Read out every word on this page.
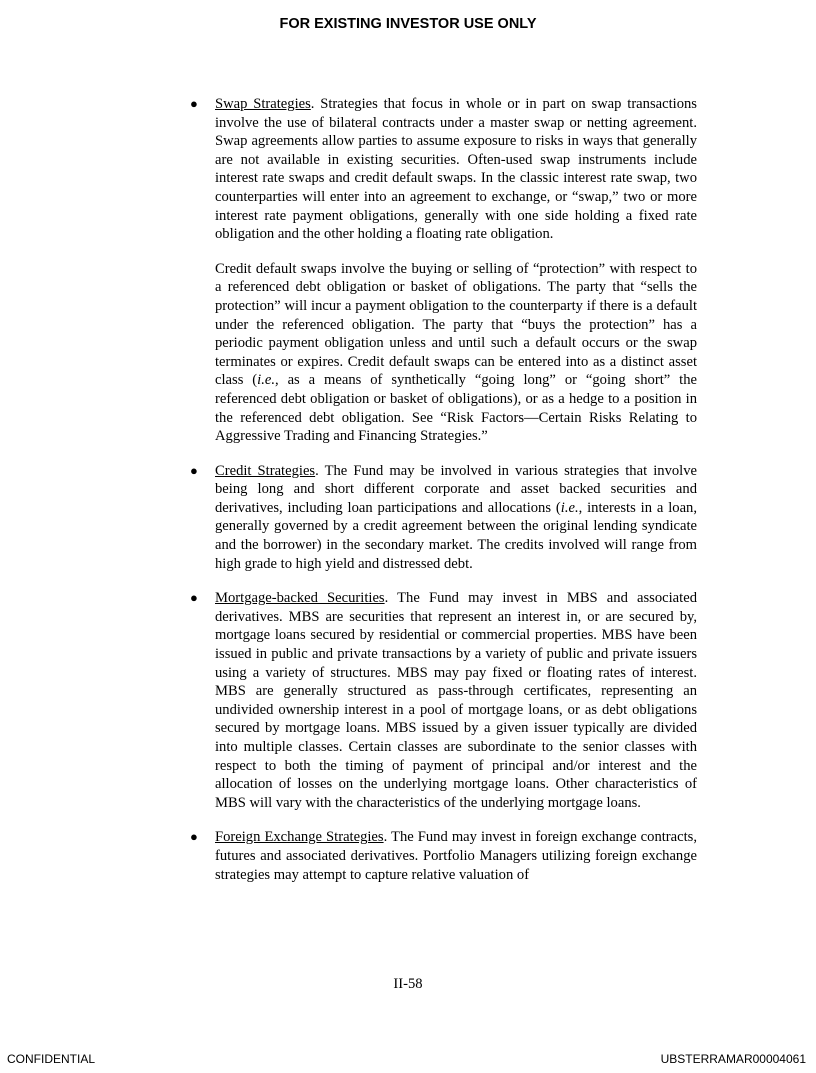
FOR EXISTING INVESTOR USE ONLY
● Swap Strategies. Strategies that focus in whole or in part on swap transactions involve the use of bilateral contracts under a master swap or netting agreement. Swap agreements allow parties to assume exposure to risks in ways that generally are not available in existing securities. Often-used swap instruments include interest rate swaps and credit default swaps. In the classic interest rate swap, two counterparties will enter into an agreement to exchange, or “swap,” two or more interest rate payment obligations, generally with one side holding a fixed rate obligation and the other holding a floating rate obligation.

Credit default swaps involve the buying or selling of “protection” with respect to a referenced debt obligation or basket of obligations. The party that “sells the protection” will incur a payment obligation to the counterparty if there is a default under the referenced obligation. The party that “buys the protection” has a periodic payment obligation unless and until such a default occurs or the swap terminates or expires. Credit default swaps can be entered into as a distinct asset class (i.e., as a means of synthetically “going long” or “going short” the referenced debt obligation or basket of obligations), or as a hedge to a position in the referenced debt obligation. See “Risk Factors—Certain Risks Relating to Aggressive Trading and Financing Strategies.”

● Credit Strategies. The Fund may be involved in various strategies that involve being long and short different corporate and asset backed securities and derivatives, including loan participations and allocations (i.e., interests in a loan, generally governed by a credit agreement between the original lending syndicate and the borrower) in the secondary market. The credits involved will range from high grade to high yield and distressed debt.
● Mortgage-backed Securities. The Fund may invest in MBS and associated derivatives. MBS are securities that represent an interest in, or are secured by, mortgage loans secured by residential or commercial properties. MBS have been issued in public and private transactions by a variety of public and private issuers using a variety of structures. MBS may pay fixed or floating rates of interest. MBS are generally structured as pass-through certificates, representing an undivided ownership interest in a pool of mortgage loans, or as debt obligations secured by mortgage loans. MBS issued by a given issuer typically are divided into multiple classes. Certain classes are subordinate to the senior classes with respect to both the timing of payment of principal and/or interest and the allocation of losses on the underlying mortgage loans. Other characteristics of MBS will vary with the characteristics of the underlying mortgage loans.
● Foreign Exchange Strategies. The Fund may invest in foreign exchange contracts, futures and associated derivatives. Portfolio Managers utilizing foreign exchange strategies may attempt to capture relative valuation of
II-58
CONFIDENTIAL	UBSTERRAMAR00004061
